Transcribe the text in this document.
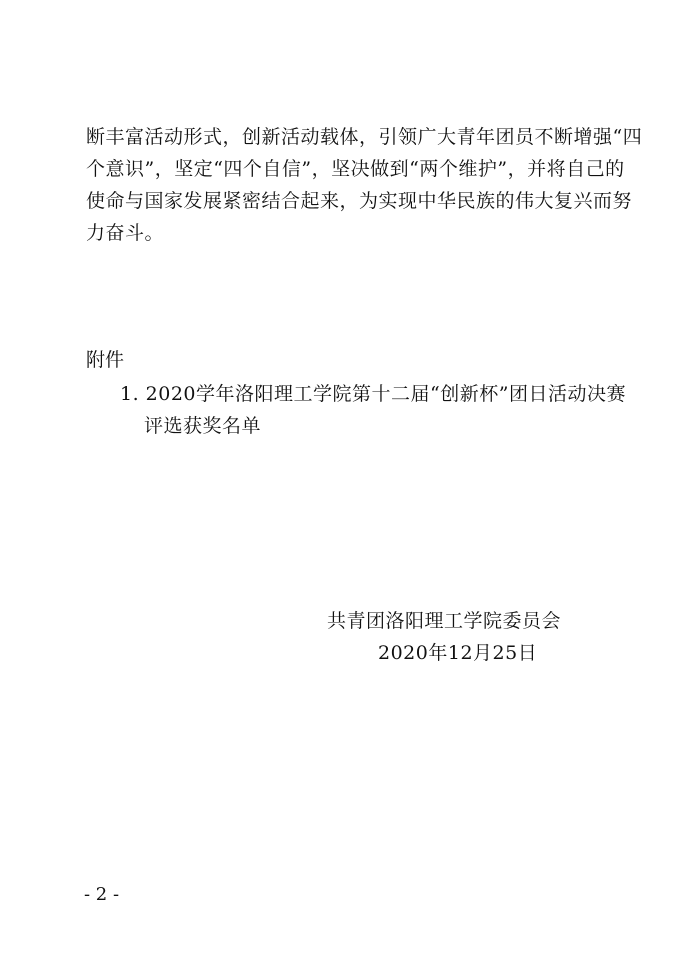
断丰富活动形式，创新活动载体，引领广大青年团员不断增强“四
个意识”，坚定“四个自信”，坚决做到“两个维护”，并将自己的
使命与国家发展紧密结合起来，为实现中华民族的伟大复兴而努
力奋斗。
附件
1. 2020学年洛阳理工学院第十二届“创新杯”团日活动决赛
评选获奖名单
共青团洛阳理工学院委员会
2020年12月25日
- 2 -
